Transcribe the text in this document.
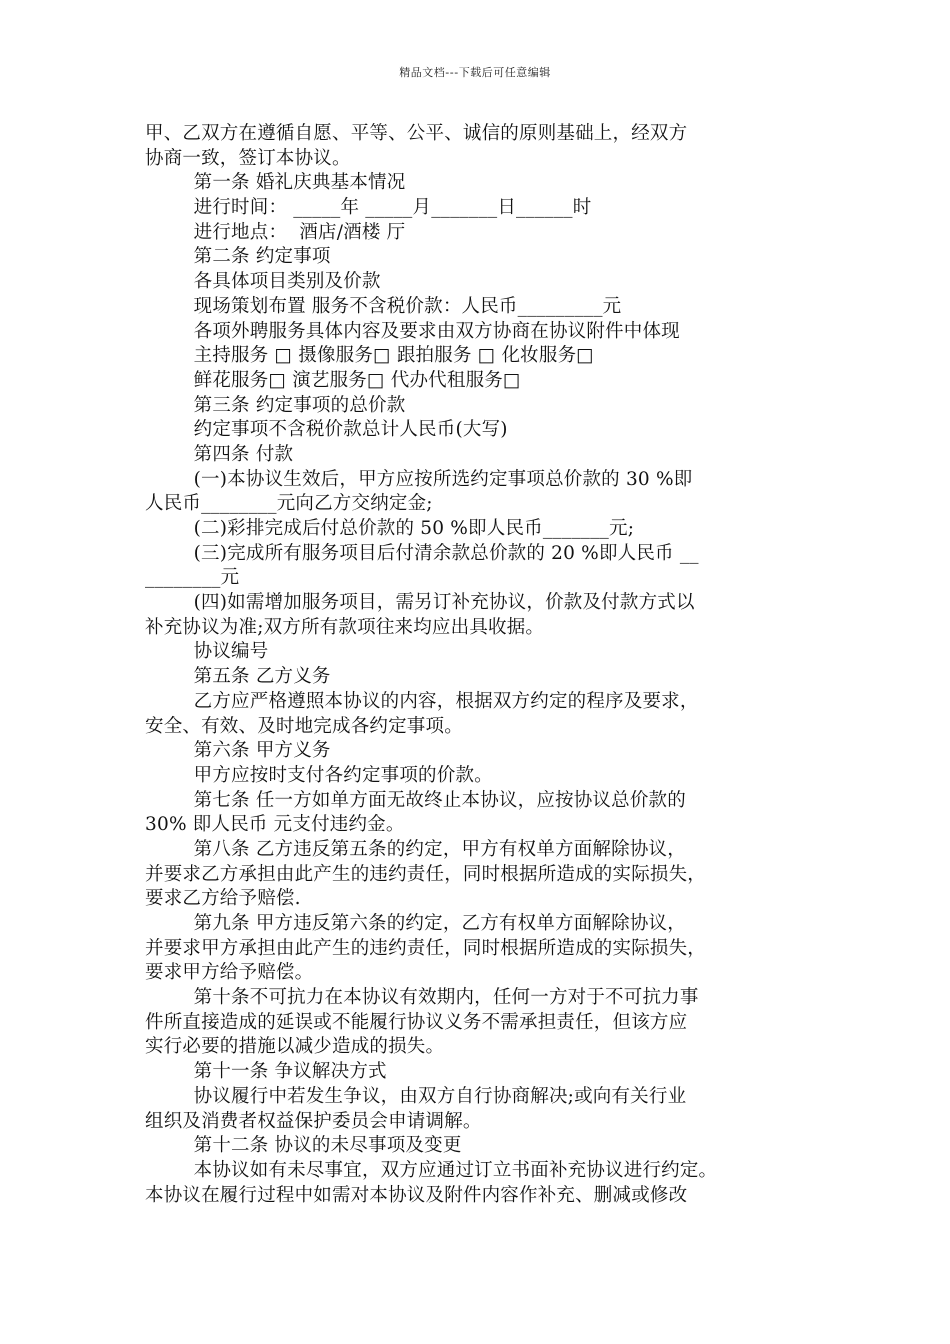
精品文档---下载后可任意编辑
甲、乙双方在遵循自愿、平等、公平、诚信的原则基础上，经双方
协商一致，签订本协议。
第一条 婚礼庆典基本情况
进行时间： _____年 _____月_______日______时
进行地点：  酒店/酒楼 厅
第二条 约定事项
各具体项目类别及价款
现场策划布置 服务不含税价款：人民币_________元
各项外聘服务具体内容及要求由双方协商在协议附件中体现
主持服务 □ 摄像服务□ 跟拍服务 □ 化妆服务□
鲜花服务□ 演艺服务□ 代办代租服务□
第三条 约定事项的总价款
约定事项不含税价款总计人民币(大写)
第四条 付款
(一)本协议生效后，甲方应按所选约定事项总价款的 30 %即
人民币________元向乙方交纳定金;
(二)彩排完成后付总价款的 50 %即人民币_______元;
(三)完成所有服务项目后付清余款总价款的 20 %即人民币 __
________元
(四)如需增加服务项目，需另订补充协议，价款及付款方式以
补充协议为准;双方所有款项往来均应出具收据。
协议编号
第五条 乙方义务
乙方应严格遵照本协议的内容，根据双方约定的程序及要求，
安全、有效、及时地完成各约定事项。
第六条 甲方义务
甲方应按时支付各约定事项的价款。
第七条 任一方如单方面无故终止本协议，应按协议总价款的
30% 即人民币 元支付违约金。
第八条 乙方违反第五条的约定，甲方有权单方面解除协议，
并要求乙方承担由此产生的违约责任，同时根据所造成的实际损失，
要求乙方给予赔偿.
第九条 甲方违反第六条的约定，乙方有权单方面解除协议，
并要求甲方承担由此产生的违约责任，同时根据所造成的实际损失，
要求甲方给予赔偿。
第十条不可抗力在本协议有效期内，任何一方对于不可抗力事
件所直接造成的延误或不能履行协议义务不需承担责任，但该方应
实行必要的措施以减少造成的损失。
第十一条 争议解决方式
协议履行中若发生争议，由双方自行协商解决;或向有关行业
组织及消费者权益保护委员会申请调解。
第十二条 协议的未尽事项及变更
本协议如有未尽事宜，双方应通过订立书面补充协议进行约定。
本协议在履行过程中如需对本协议及附件内容作补充、删减或修改
